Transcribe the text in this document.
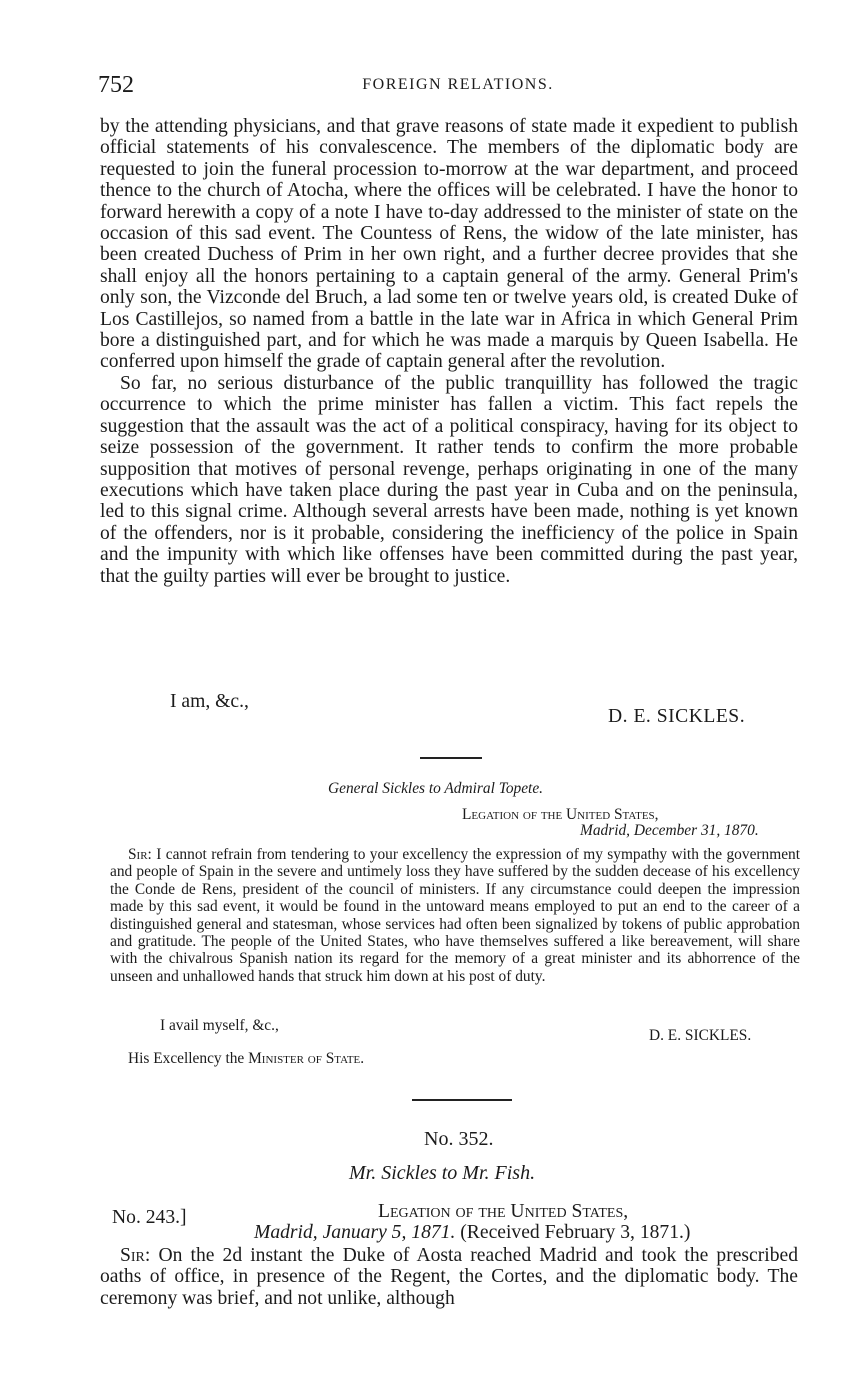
752	FOREIGN RELATIONS.

by the attending physicians, and that grave reasons of state made it expedient to publish official statements of his convalescence. The members of the diplomatic body are requested to join the funeral procession to-morrow at the war department, and proceed thence to the church of Atocha, where the offices will be celebrated. I have the honor to forward herewith a copy of a note I have to-day addressed to the minister of state on the occasion of this sad event. The Countess of Rens, the widow of the late minister, has been created Duchess of Prim in her own right, and a further decree provides that she shall enjoy all the honors pertaining to a captain general of the army. General Prim's only son, the Vizconde del Bruch, a lad some ten or twelve years old, is created Duke of Los Castillejos, so named from a battle in the late war in Africa in which General Prim bore a distinguished part, and for which he was made a marquis by Queen Isabella. He conferred upon himself the grade of captain general after the revolution.

So far, no serious disturbance of the public tranquillity has followed the tragic occurrence to which the prime minister has fallen a victim. This fact repels the suggestion that the assault was the act of a political conspiracy, having for its object to seize possession of the government. It rather tends to confirm the more probable supposition that motives of personal revenge, perhaps originating in one of the many executions which have taken place during the past year in Cuba and on the peninsula, led to this signal crime. Although several arrests have been made, nothing is yet known of the offenders, nor is it probable, considering the inefficiency of the police in Spain and the impunity with which like offenses have been committed during the past year, that the guilty parties will ever be brought to justice.

I am, &c.,
D. E. SICKLES.
General Sickles to Admiral Topete.
Legation of the United States,
Madrid, December 31, 1870.

Sir: I cannot refrain from tendering to your excellency the expression of my sympathy with the government and people of Spain in the severe and untimely loss they have suffered by the sudden decease of his excellency the Conde de Rens, president of the council of ministers. If any circumstance could deepen the impression made by this sad event, it would be found in the untoward means employed to put an end to the career of a distinguished general and statesman, whose services had often been signalized by tokens of public approbation and gratitude. The people of the United States, who have themselves suffered a like bereavement, will share with the chivalrous Spanish nation its regard for the memory of a great minister and its abhorrence of the unseen and unhallowed hands that struck him down at his post of duty.

I avail myself, &c.,
D. E. SICKLES.
His Excellency the Minister of State.
No. 352.
Mr. Sickles to Mr. Fish.
No. 243.]	Legation of the United States,
Madrid, January 5, 1871. (Received February 3, 1871.)

Sir: On the 2d instant the Duke of Aosta reached Madrid and took the prescribed oaths of office, in presence of the Regent, the Cortes, and the diplomatic body. The ceremony was brief, and not unlike, although
